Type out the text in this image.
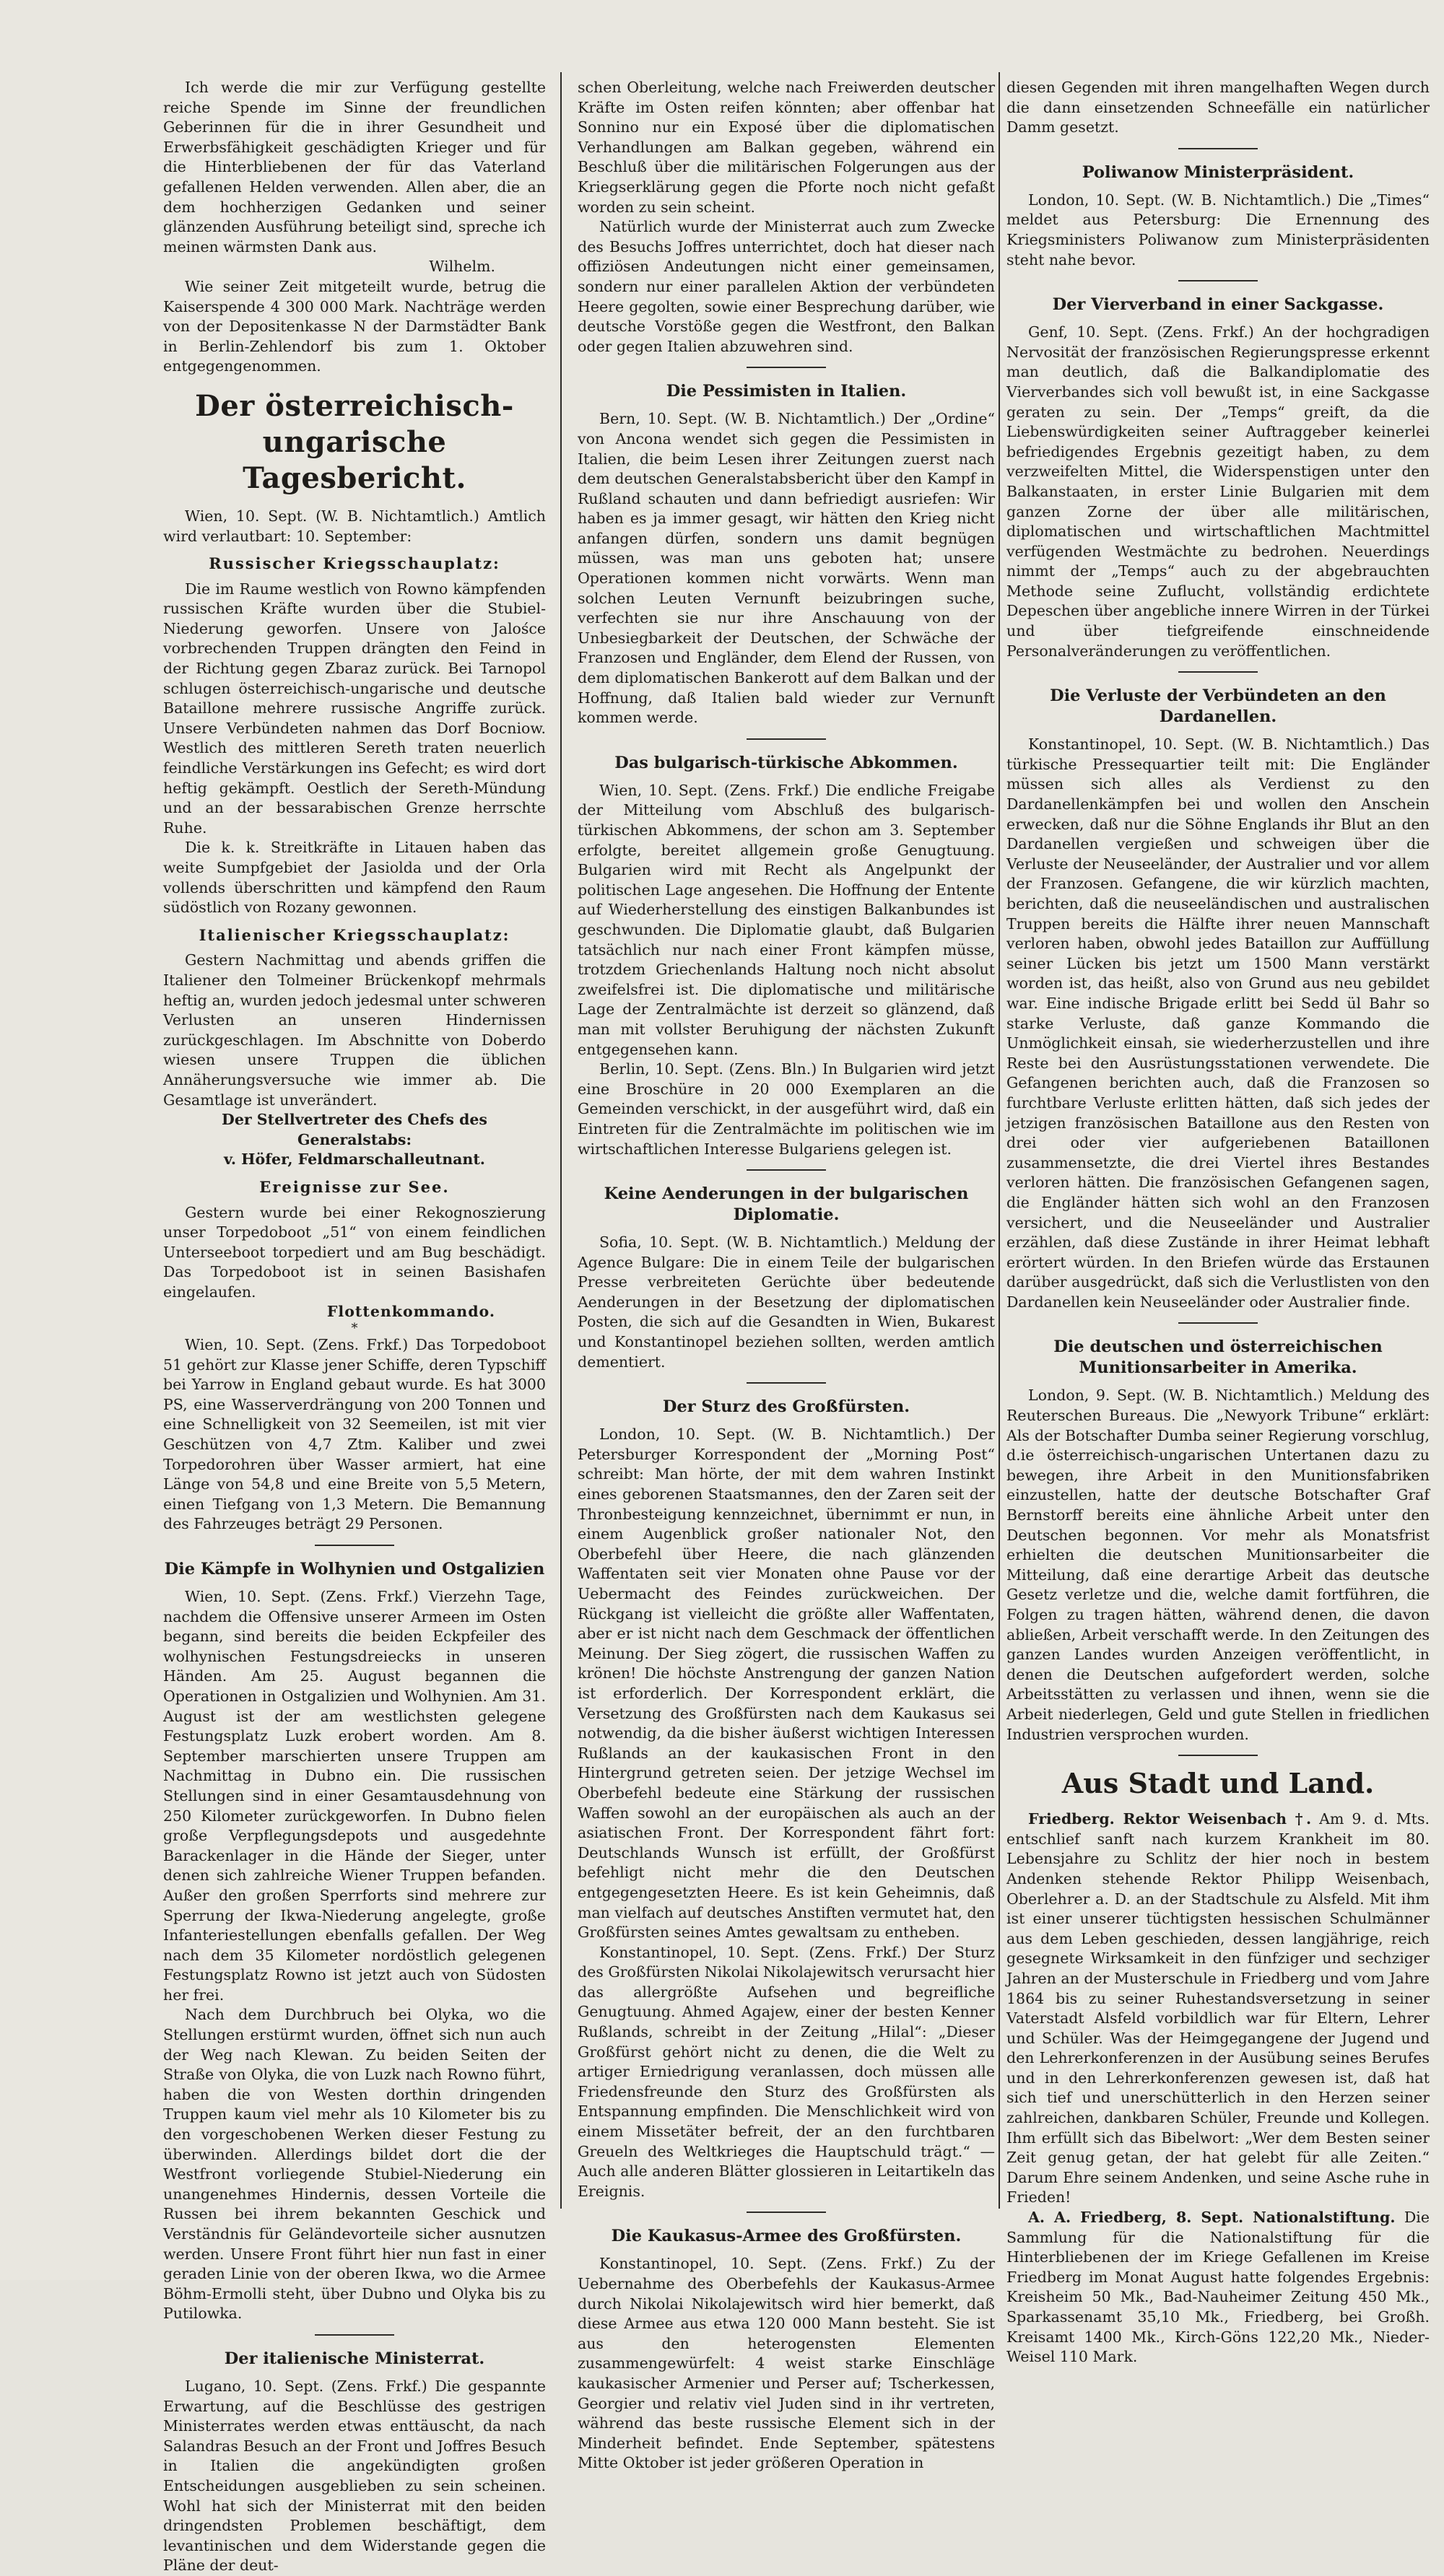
Ich werde die mir zur Verfügung gestellte reiche Spende im Sinne der freundlichen Geberinnen für die in ihrer Gesundheit und Erwerbsfähigkeit geschädigten Krieger und für die Hinterbliebenen der für das Vaterland gefallenen Helden verwenden. Allen aber, die an dem hochherzigen Gedanken und seiner glänzenden Ausführung beteiligt sind, spreche ich meinen wärmsten Dank aus.

Wilhelm.

Wie seiner Zeit mitgeteilt wurde, betrug die Kaiserspende 4 300 000 Mark. Nachträge werden von der Depositenkasse N der Darmstädter Bank in Berlin-Zehlendorf bis zum 1. Oktober entgegengenommen.

Der österreichisch-ungarische Tagesbericht.

Wien, 10. Sept. (W. B. Nichtamtlich.) Amtlich wird verlautbart: 10. September:

Russischer Kriegsschauplatz:

Die im Raume westlich von Rowno kämpfenden russischen Kräfte wurden über die Stubiel-Niederung geworfen. Unsere von Jalośce vorbrechenden Truppen drängten den Feind in der Richtung gegen Zbaraz zurück. Bei Tarnopol schlugen österreichisch-ungarische und deutsche Bataillone mehrere russische Angriffe zurück. Unsere Verbündeten nahmen das Dorf Bocniow. Westlich des mittleren Sereth traten neuerlich feindliche Verstärkungen ins Gefecht; es wird dort heftig gekämpft. Oestlich der Sereth-Mündung und an der bessarabischen Grenze herrschte Ruhe.

Die k. k. Streitkräfte in Litauen haben das weite Sumpfgebiet der Jasiolda und der Orla vollends überschritten und kämpfend den Raum südöstlich von Rozany gewonnen.

Italienischer Kriegsschauplatz:

Gestern Nachmittag und abends griffen die Italiener den Tolmeiner Brückenkopf mehrmals heftig an, wurden jedoch jedesmal unter schweren Verlusten an unseren Hindernissen zurückgeschlagen. Im Abschnitte von Doberdo wiesen unsere Truppen die üblichen Annäherungsversuche wie immer ab. Die Gesamtlage ist unverändert.

Der Stellvertreter des Chefs des Generalstabs:

v. Höfer, Feldmarschalleutnant.

Ereignisse zur See.

Gestern wurde bei einer Rekognoszierung unser Torpedoboot „51“ von einem feindlichen Unterseeboot torpediert und am Bug beschädigt. Das Torpedoboot ist in seinen Basishafen eingelaufen.

Flottenkommando.

*

Wien, 10. Sept. (Zens. Frkf.) Das Torpedoboot 51 gehört zur Klasse jener Schiffe, deren Typschiff bei Yarrow in England gebaut wurde. Es hat 3000 PS, eine Wasserverdrängung von 200 Tonnen und eine Schnelligkeit von 32 Seemeilen, ist mit vier Geschützen von 4,7 Ztm. Kaliber und zwei Torpedorohren über Wasser armiert, hat eine Länge von 54,8 und eine Breite von 5,5 Metern, einen Tiefgang von 1,3 Metern. Die Bemannung des Fahrzeuges beträgt 29 Personen.

Die Kämpfe in Wolhynien und Ostgalizien

Wien, 10. Sept. (Zens. Frkf.) Vierzehn Tage, nachdem die Offensive unserer Armeen im Osten begann, sind bereits die beiden Eckpfeiler des wolhynischen Festungsdreiecks in unseren Händen. Am 25. August begannen die Operationen in Ostgalizien und Wolhynien. Am 31. August ist der am westlichsten gelegene Festungsplatz Luzk erobert worden. Am 8. September marschierten unsere Truppen am Nachmittag in Dubno ein. Die russischen Stellungen sind in einer Gesamtausdehnung von 250 Kilometer zurückgeworfen. In Dubno fielen große Verpflegungsdepots und ausgedehnte Barackenlager in die Hände der Sieger, unter denen sich zahlreiche Wiener Truppen befanden. Außer den großen Sperrforts sind mehrere zur Sperrung der Ikwa-Niederung angelegte, große Infanteriestellungen ebenfalls gefallen. Der Weg nach dem 35 Kilometer nordöstlich gelegenen Festungsplatz Rowno ist jetzt auch von Südosten her frei.

Nach dem Durchbruch bei Olyka, wo die Stellungen erstürmt wurden, öffnet sich nun auch der Weg nach Klewan. Zu beiden Seiten der Straße von Olyka, die von Luzk nach Rowno führt, haben die von Westen dorthin dringenden Truppen kaum viel mehr als 10 Kilometer bis zu den vorgeschobenen Werken dieser Festung zu überwinden. Allerdings bildet dort die der Westfront vorliegende Stubiel-Niederung ein unangenehmes Hindernis, dessen Vorteile die Russen bei ihrem bekannten Geschick und Verständnis für Geländevorteile sicher ausnutzen werden. Unsere Front führt hier nun fast in einer geraden Linie von der oberen Ikwa, wo die Armee Böhm-Ermolli steht, über Dubno und Olyka bis zu Putilowka.

Der italienische Ministerrat.

Lugano, 10. Sept. (Zens. Frkf.) Die gespannte Erwartung, auf die Beschlüsse des gestrigen Ministerrates werden etwas enttäuscht, da nach Salandras Besuch an der Front und Joffres Besuch in Italien die angekündigten großen Entscheidungen ausgeblieben zu sein scheinen. Wohl hat sich der Ministerrat mit den beiden dringendsten Problemen beschäftigt, dem levantinischen und dem Widerstande gegen die Pläne der deut-

schen Oberleitung, welche nach Freiwerden deutscher Kräfte im Osten reifen könnten; aber offenbar hat Sonnino nur ein Exposé über die diplomatischen Verhandlungen am Balkan gegeben, während ein Beschluß über die militärischen Folgerungen aus der Kriegserklärung gegen die Pforte noch nicht gefaßt worden zu sein scheint.

Natürlich wurde der Ministerrat auch zum Zwecke des Besuchs Joffres unterrichtet, doch hat dieser nach offiziösen Andeutungen nicht einer gemeinsamen, sondern nur einer parallelen Aktion der verbündeten Heere gegolten, sowie einer Besprechung darüber, wie deutsche Vorstöße gegen die Westfront, den Balkan oder gegen Italien abzuwehren sind.

Die Pessimisten in Italien.

Bern, 10. Sept. (W. B. Nichtamtlich.) Der „Ordine“ von Ancona wendet sich gegen die Pessimisten in Italien, die beim Lesen ihrer Zeitungen zuerst nach dem deutschen Generalstabsbericht über den Kampf in Rußland schauten und dann befriedigt ausriefen: Wir haben es ja immer gesagt, wir hätten den Krieg nicht anfangen dürfen, sondern uns damit begnügen müssen, was man uns geboten hat; unsere Operationen kommen nicht vorwärts. Wenn man solchen Leuten Vernunft beizubringen suche, verfechten sie nur ihre Anschauung von der Unbesiegbarkeit der Deutschen, der Schwäche der Franzosen und Engländer, dem Elend der Russen, von dem diplomatischen Bankerott auf dem Balkan und der Hoffnung, daß Italien bald wieder zur Vernunft kommen werde.

Das bulgarisch-türkische Abkommen.

Wien, 10. Sept. (Zens. Frkf.) Die endliche Freigabe der Mitteilung vom Abschluß des bulgarisch-türkischen Abkommens, der schon am 3. September erfolgte, bereitet allgemein große Genugtuung. Bulgarien wird mit Recht als Angelpunkt der politischen Lage angesehen. Die Hoffnung der Entente auf Wiederherstellung des einstigen Balkanbundes ist geschwunden. Die Diplomatie glaubt, daß Bulgarien tatsächlich nur nach einer Front kämpfen müsse, trotzdem Griechenlands Haltung noch nicht absolut zweifelsfrei ist. Die diplomatische und militärische Lage der Zentralmächte ist derzeit so glänzend, daß man mit vollster Beruhigung der nächsten Zukunft entgegensehen kann.

Berlin, 10. Sept. (Zens. Bln.) In Bulgarien wird jetzt eine Broschüre in 20 000 Exemplaren an die Gemeinden verschickt, in der ausgeführt wird, daß ein Eintreten für die Zentralmächte im politischen wie im wirtschaftlichen Interesse Bulgariens gelegen ist.

Keine Aenderungen in der bulgarischen Diplomatie.

Sofia, 10. Sept. (W. B. Nichtamtlich.) Meldung der Agence Bulgare: Die in einem Teile der bulgarischen Presse verbreiteten Gerüchte über bedeutende Aenderungen in der Besetzung der diplomatischen Posten, die sich auf die Gesandten in Wien, Bukarest und Konstantinopel beziehen sollten, werden amtlich dementiert.

Der Sturz des Großfürsten.

London, 10. Sept. (W. B. Nichtamtlich.) Der Petersburger Korrespondent der „Morning Post“ schreibt: Man hörte, der mit dem wahren Instinkt eines geborenen Staatsmannes, den der Zaren seit der Thronbesteigung kennzeichnet, übernimmt er nun, in einem Augenblick großer nationaler Not, den Oberbefehl über Heere, die nach glänzenden Waffentaten seit vier Monaten ohne Pause vor der Uebermacht des Feindes zurückweichen. Der Rückgang ist vielleicht die größte aller Waffentaten, aber er ist nicht nach dem Geschmack der öffentlichen Meinung. Der Sieg zögert, die russischen Waffen zu krönen! Die höchste Anstrengung der ganzen Nation ist erforderlich. Der Korrespondent erklärt, die Versetzung des Großfürsten nach dem Kaukasus sei notwendig, da die bisher äußerst wichtigen Interessen Rußlands an der kaukasischen Front in den Hintergrund getreten seien. Der jetzige Wechsel im Oberbefehl bedeute eine Stärkung der russischen Waffen sowohl an der europäischen als auch an der asiatischen Front. Der Korrespondent fährt fort: Deutschlands Wunsch ist erfüllt, der Großfürst befehligt nicht mehr die den Deutschen entgegengesetzten Heere. Es ist kein Geheimnis, daß man vielfach auf deutsches Anstiften vermutet hat, den Großfürsten seines Amtes gewaltsam zu entheben.

Konstantinopel, 10. Sept. (Zens. Frkf.) Der Sturz des Großfürsten Nikolai Nikolajewitsch verursacht hier das allergrößte Aufsehen und begreifliche Genugtuung. Ahmed Agajew, einer der besten Kenner Rußlands, schreibt in der Zeitung „Hilal“: „Dieser Großfürst gehört nicht zu denen, die die Welt zu artiger Erniedrigung veranlassen, doch müssen alle Friedensfreunde den Sturz des Großfürsten als Entspannung empfinden. Die Menschlichkeit wird von einem Missetäter befreit, der an den furchtbaren Greueln des Weltkrieges die Hauptschuld trägt.“ — Auch alle anderen Blätter glossieren in Leitartikeln das Ereignis.

Die Kaukasus-Armee des Großfürsten.

Konstantinopel, 10. Sept. (Zens. Frkf.) Zu der Uebernahme des Oberbefehls der Kaukasus-Armee durch Nikolai Nikolajewitsch wird hier bemerkt, daß diese Armee aus etwa 120 000 Mann besteht. Sie ist aus den heterogensten Elementen zusammengewürfelt: 4 weist starke Einschläge kaukasischer Armenier und Perser auf; Tscherkessen, Georgier und relativ viel Juden sind in ihr vertreten, während das beste russische Element sich in der Minderheit befindet. Ende September, spätestens Mitte Oktober ist jeder größeren Operation in

diesen Gegenden mit ihren mangelhaften Wegen durch die dann einsetzenden Schneefälle ein natürlicher Damm gesetzt.

Poliwanow Ministerpräsident.

London, 10. Sept. (W. B. Nichtamtlich.) Die „Times“ meldet aus Petersburg: Die Ernennung des Kriegsministers Poliwanow zum Ministerpräsidenten steht nahe bevor.

Der Vierverband in einer Sackgasse.

Genf, 10. Sept. (Zens. Frkf.) An der hochgradigen Nervosität der französischen Regierungspresse erkennt man deutlich, daß die Balkandiplomatie des Vierverbandes sich voll bewußt ist, in eine Sackgasse geraten zu sein. Der „Temps“ greift, da die Liebenswürdigkeiten seiner Auftraggeber keinerlei befriedigendes Ergebnis gezeitigt haben, zu dem verzweifelten Mittel, die Widerspenstigen unter den Balkanstaaten, in erster Linie Bulgarien mit dem ganzen Zorne der über alle militärischen, diplomatischen und wirtschaftlichen Machtmittel verfügenden Westmächte zu bedrohen. Neuerdings nimmt der „Temps“ auch zu der abgebrauchten Methode seine Zuflucht, vollständig erdichtete Depeschen über angebliche innere Wirren in der Türkei und über tiefgreifende einschneidende Personalveränderungen zu veröffentlichen.

Die Verluste der Verbündeten an den Dardanellen.

Konstantinopel, 10. Sept. (W. B. Nichtamtlich.) Das türkische Pressequartier teilt mit: Die Engländer müssen sich alles als Verdienst zu den Dardanellenkämpfen bei und wollen den Anschein erwecken, daß nur die Söhne Englands ihr Blut an den Dardanellen vergießen und schweigen über die Verluste der Neuseeländer, der Australier und vor allem der Franzosen. Gefangene, die wir kürzlich machten, berichten, daß die neuseeländischen und australischen Truppen bereits die Hälfte ihrer neuen Mannschaft verloren haben, obwohl jedes Bataillon zur Auffüllung seiner Lücken bis jetzt um 1500 Mann verstärkt worden ist, das heißt, also von Grund aus neu gebildet war. Eine indische Brigade erlitt bei Sedd ül Bahr so starke Verluste, daß ganze Kommando die Unmöglichkeit einsah, sie wiederherzustellen und ihre Reste bei den Ausrüstungsstationen verwendete. Die Gefangenen berichten auch, daß die Franzosen so furchtbare Verluste erlitten hätten, daß sich jedes der jetzigen französischen Bataillone aus den Resten von drei oder vier aufgeriebenen Bataillonen zusammensetzte, die drei Viertel ihres Bestandes verloren hätten. Die französischen Gefangenen sagen, die Engländer hätten sich wohl an den Franzosen versichert, und die Neuseeländer und Australier erzählen, daß diese Zustände in ihrer Heimat lebhaft erörtert würden. In den Briefen würde das Erstaunen darüber ausgedrückt, daß sich die Verlustlisten von den Dardanellen kein Neuseeländer oder Australier finde.

Die deutschen und österreichischen Munitionsarbeiter in Amerika.

London, 9. Sept. (W. B. Nichtamtlich.) Meldung des Reuterschen Bureaus. Die „Newyork Tribune“ erklärt: Als der Botschafter Dumba seiner Regierung vorschlug, d.ie österreichisch-ungarischen Untertanen dazu zu bewegen, ihre Arbeit in den Munitionsfabriken einzustellen, hatte der deutsche Botschafter Graf Bernstorff bereits eine ähnliche Arbeit unter den Deutschen begonnen. Vor mehr als Monatsfrist erhielten die deutschen Munitionsarbeiter die Mitteilung, daß eine derartige Arbeit das deutsche Gesetz verletze und die, welche damit fortführen, die Folgen zu tragen hätten, während denen, die davon abließen, Arbeit verschafft werde. In den Zeitungen des ganzen Landes wurden Anzeigen veröffentlicht, in denen die Deutschen aufgefordert werden, solche Arbeitsstätten zu verlassen und ihnen, wenn sie die Arbeit niederlegen, Geld und gute Stellen in friedlichen Industrien versprochen wurden.

Aus Stadt und Land.

Friedberg. Rektor Weisenbach †. Am 9. d. Mts. entschlief sanft nach kurzem Krankheit im 80. Lebensjahre zu Schlitz der hier noch in bestem Andenken stehende Rektor Philipp Weisenbach, Oberlehrer a. D. an der Stadtschule zu Alsfeld. Mit ihm ist einer unserer tüchtigsten hessischen Schulmänner aus dem Leben geschieden, dessen langjährige, reich gesegnete Wirksamkeit in den fünfziger und sechziger Jahren an der Musterschule in Friedberg und vom Jahre 1864 bis zu seiner Ruhestandsversetzung in seiner Vaterstadt Alsfeld vorbildlich war für Eltern, Lehrer und Schüler. Was der Heimgegangene der Jugend und den Lehrerkonferenzen in der Ausübung seines Berufes und in den Lehrerkonferenzen gewesen ist, daß hat sich tief und unerschütterlich in den Herzen seiner zahlreichen, dankbaren Schüler, Freunde und Kollegen. Ihm erfüllt sich das Bibelwort: „Wer dem Besten seiner Zeit genug getan, der hat gelebt für alle Zeiten.“ Darum Ehre seinem Andenken, und seine Asche ruhe in Frieden!

A. A. Friedberg, 8. Sept. Nationalstiftung. Die Sammlung für die Nationalstiftung für die Hinterbliebenen der im Kriege Gefallenen im Kreise Friedberg im Monat August hatte folgendes Ergebnis: Kreisheim 50 Mk., Bad-Nauheimer Zeitung 450 Mk., Sparkassenamt 35,10 Mk., Friedberg, bei Großh. Kreisamt 1400 Mk., Kirch-Göns 122,20 Mk., Nieder-Weisel 110 Mark.
